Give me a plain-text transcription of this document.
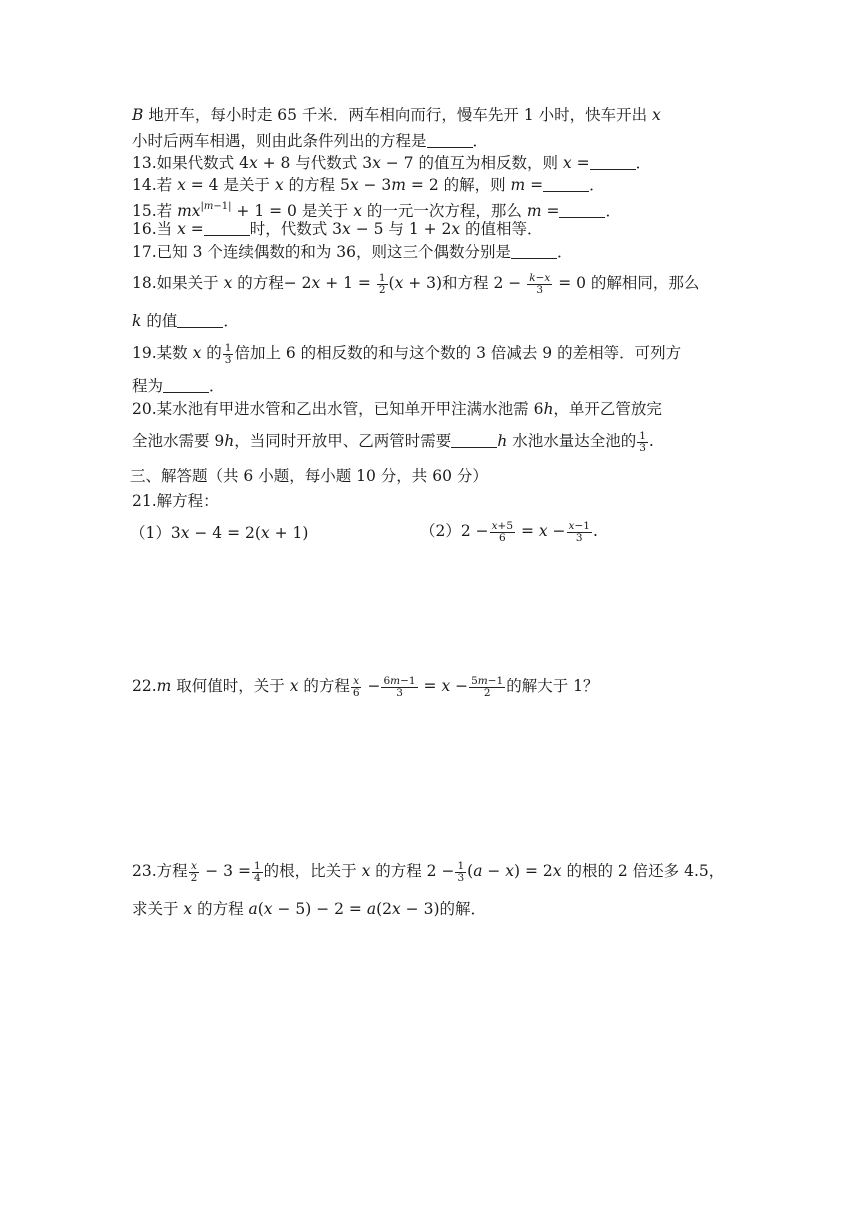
𝐵 地开车，每小时走 65 千米．两车相向而行，慢车先开 1 小时，快车开出 𝑥
小时后两车相遇，则由此条件列出的方程是	．
13.如果代数式 4𝑥 + 8 与代数式 3𝑥 − 7 的值互为相反数，则 𝑥 =	．
14.若 𝑥 = 4 是关于 𝑥 的方程 5𝑥 − 3𝑚 = 2 的解，则 𝑚 =	．
15.若 𝑚𝑥$^{|𝑚-1|}$ + 1 = 0 是关于 𝑥 的一元一次方程，那么 𝑚 =	．
16.当 𝑥 =	时，代数式 3𝑥 − 5 与 1 + 2𝑥 的值相等．
17.已知 3 个连续偶数的和为 36，则这三个偶数分别是	．
18.如果关于 𝑥 的方程− 2𝑥 + $1 = \frac{1}{2}$ (𝑥 + 3)和方程 $2 - \frac{\text{𝑘−𝑥}}{3} = 0$ 的解相同，那么
𝑘 的值	．
19.某数 𝑥 的 $\frac{1}{3}$ 倍加上 6 的相反数的和与这个数的 3 倍减去 9 的差相等．可列方
程为	．
20.某水池有甲进水管和乙出水管，已知单开甲注满水池需 6ℎ，单开乙管放完
全池水需要 9ℎ，当同时开放甲、乙两管时需要	ℎ 水池水量达全池的 $\frac{1}{3}$ .
三、解答题（共 6 小题，每小题 10 分，共 60 分）
21.解方程：
（1）3𝑥 − 4 = 2(𝑥 + 1)	$(2)2 - \frac{\text{𝑥+5}}{6}$ = 𝑥 − $\frac{\text{𝑥−1}}{3}$ .
22.𝑚 取何值时，关于 𝑥 的方程 $\frac{\text{𝑥}}{6} - \frac{\text{6𝑚−1}}{3}$ = 𝑥 − $\frac{\text{5𝑚−1}}{2}$ 的解大于 1？
23.方程 $\frac{\text{𝑥}}{2} - 3 = \frac{1}{4}$ 的根，比关于 𝑥 的方程 $2 - \frac{1}{3}$ (𝑎 − 𝑥) = 2𝑥 的根的 2 倍还多 4.5，
求关于 𝑥 的方程 𝑎(𝑥 − 5) − 2 = 𝑎(2𝑥 − 3)的解．
